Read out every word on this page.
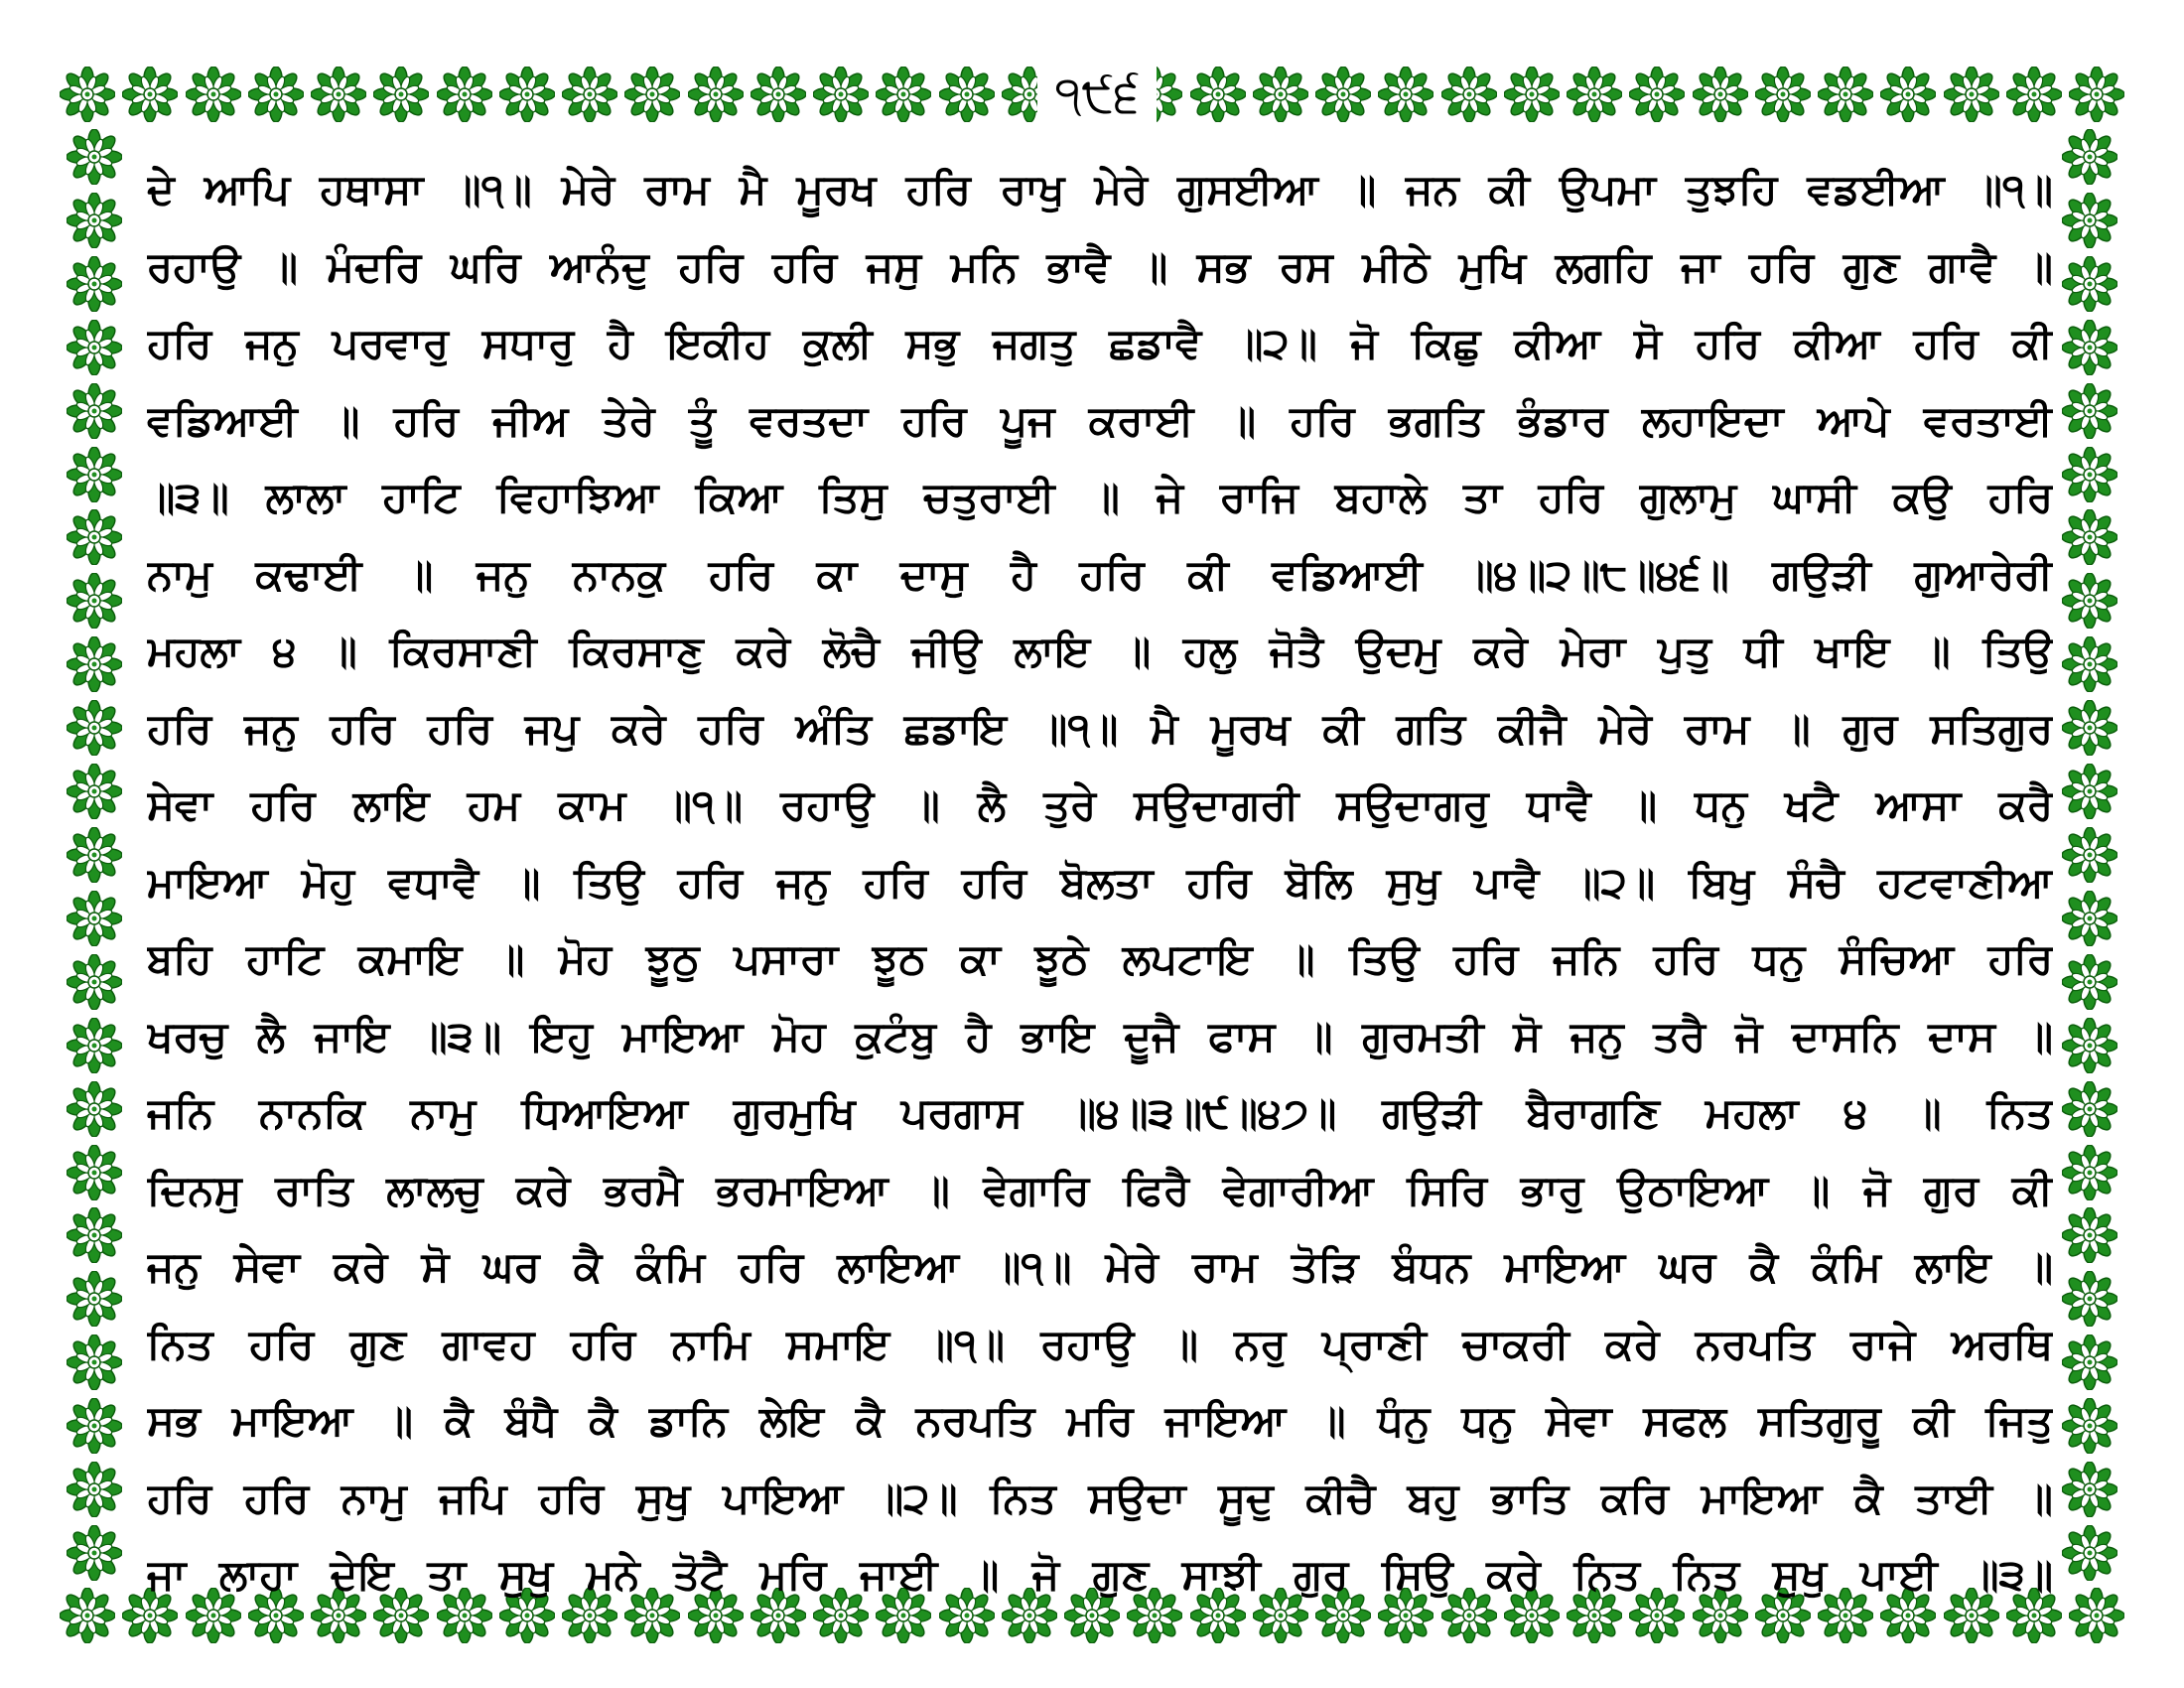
੧੯੬
ਦੇ ਆਪਿ ਹਥਾਸਾ ॥੧॥ ਮੇਰੇ ਰਾਮ ਮੈ ਮੂਰਖ ਹਰਿ ਰਾਖੁ ਮੇਰੇ ਗੁਸਈਆ ॥ ਜਨ ਕੀ ਉਪਮਾ ਤੁਝਹਿ ਵਡਈਆ ॥੧॥
ਰਹਾਉ ॥ ਮੰਦਰਿ ਘਰਿ ਆਨੰਦੁ ਹਰਿ ਹਰਿ ਜਸੁ ਮਨਿ ਭਾਵੈ ॥ ਸਭ ਰਸ ਮੀਠੇ ਮੁਖਿ ਲਗਹਿ ਜਾ ਹਰਿ ਗੁਣ ਗਾਵੈ ॥
ਹਰਿ ਜਨੁ ਪਰਵਾਰੁ ਸਧਾਰੁ ਹੈ ਇਕੀਹ ਕੁਲੀ ਸਭੁ ਜਗਤੁ ਛਡਾਵੈ ॥੨॥ ਜੋ ਕਿਛੁ ਕੀਆ ਸੋ ਹਰਿ ਕੀਆ ਹਰਿ ਕੀ
ਵਡਿਆਈ ॥ ਹਰਿ ਜੀਅ ਤੇਰੇ ਤੂੰ ਵਰਤਦਾ ਹਰਿ ਪੂਜ ਕਰਾਈ ॥ ਹਰਿ ਭਗਤਿ ਭੰਡਾਰ ਲਹਾਇਦਾ ਆਪੇ ਵਰਤਾਈ
॥੩॥ ਲਾਲਾ ਹਾਟਿ ਵਿਹਾਝਿਆ ਕਿਆ ਤਿਸੁ ਚਤੁਰਾਈ ॥ ਜੇ ਰਾਜਿ ਬਹਾਲੇ ਤਾ ਹਰਿ ਗੁਲਾਮੁ ਘਾਸੀ ਕਉ ਹਰਿ
ਨਾਮੁ ਕਢਾਈ ॥ ਜਨੁ ਨਾਨਕੁ ਹਰਿ ਕਾ ਦਾਸੁ ਹੈ ਹਰਿ ਕੀ ਵਡਿਆਈ ॥੪॥੨॥੮॥੪੬॥ ਗਉੜੀ ਗੁਆਰੇਰੀ
ਮਹਲਾ ੪ ॥ ਕਿਰਸਾਣੀ ਕਿਰਸਾਣੁ ਕਰੇ ਲੋਚੈ ਜੀਉ ਲਾਇ ॥ ਹਲੁ ਜੋਤੈ ਉਦਮੁ ਕਰੇ ਮੇਰਾ ਪੁਤੁ ਧੀ ਖਾਇ ॥ ਤਿਉ
ਹਰਿ ਜਨੁ ਹਰਿ ਹਰਿ ਜਪੁ ਕਰੇ ਹਰਿ ਅੰਤਿ ਛਡਾਇ ॥੧॥ ਮੈ ਮੂਰਖ ਕੀ ਗਤਿ ਕੀਜੈ ਮੇਰੇ ਰਾਮ ॥ ਗੁਰ ਸਤਿਗੁਰ
ਸੇਵਾ ਹਰਿ ਲਾਇ ਹਮ ਕਾਮ ॥੧॥ ਰਹਾਉ ॥ ਲੈ ਤੁਰੇ ਸਉਦਾਗਰੀ ਸਉਦਾਗਰੁ ਧਾਵੈ ॥ ਧਨੁ ਖਟੈ ਆਸਾ ਕਰੈ
ਮਾਇਆ ਮੋਹੁ ਵਧਾਵੈ ॥ ਤਿਉ ਹਰਿ ਜਨੁ ਹਰਿ ਹਰਿ ਬੋਲਤਾ ਹਰਿ ਬੋਲਿ ਸੁਖੁ ਪਾਵੈ ॥੨॥ ਬਿਖੁ ਸੰਚੈ ਹਟਵਾਣੀਆ
ਬਹਿ ਹਾਟਿ ਕਮਾਇ ॥ ਮੋਹ ਝੂਠੁ ਪਸਾਰਾ ਝੂਠ ਕਾ ਝੂਠੇ ਲਪਟਾਇ ॥ ਤਿਉ ਹਰਿ ਜਨਿ ਹਰਿ ਧਨੁ ਸੰਚਿਆ ਹਰਿ
ਖਰਚੁ ਲੈ ਜਾਇ ॥੩॥ ਇਹੁ ਮਾਇਆ ਮੋਹ ਕੁਟੰਬੁ ਹੈ ਭਾਇ ਦੂਜੈ ਫਾਸ ॥ ਗੁਰਮਤੀ ਸੋ ਜਨੁ ਤਰੈ ਜੋ ਦਾਸਨਿ ਦਾਸ ॥
ਜਨਿ ਨਾਨਕਿ ਨਾਮੁ ਧਿਆਇਆ ਗੁਰਮੁਖਿ ਪਰਗਾਸ ॥੪॥੩॥੯॥੪੭॥ ਗਉੜੀ ਬੈਰਾਗਣਿ ਮਹਲਾ ੪ ॥ ਨਿਤ
ਦਿਨਸੁ ਰਾਤਿ ਲਾਲਚੁ ਕਰੇ ਭਰਮੈ ਭਰਮਾਇਆ ॥ ਵੇਗਾਰਿ ਫਿਰੈ ਵੇਗਾਰੀਆ ਸਿਰਿ ਭਾਰੁ ਉਠਾਇਆ ॥ ਜੋ ਗੁਰ ਕੀ
ਜਨੁ ਸੇਵਾ ਕਰੇ ਸੋ ਘਰ ਕੈ ਕੰਮਿ ਹਰਿ ਲਾਇਆ ॥੧॥ ਮੇਰੇ ਰਾਮ ਤੋੜਿ ਬੰਧਨ ਮਾਇਆ ਘਰ ਕੈ ਕੰਮਿ ਲਾਇ ॥
ਨਿਤ ਹਰਿ ਗੁਣ ਗਾਵਹ ਹਰਿ ਨਾਮਿ ਸਮਾਇ ॥੧॥ ਰਹਾਉ ॥ ਨਰੁ ਪ੍ਰਾਣੀ ਚਾਕਰੀ ਕਰੇ ਨਰਪਤਿ ਰਾਜੇ ਅਰਥਿ
ਸਭ ਮਾਇਆ ॥ ਕੈ ਬੰਧੈ ਕੈ ਡਾਨਿ ਲੇਇ ਕੈ ਨਰਪਤਿ ਮਰਿ ਜਾਇਆ ॥ ਧੰਨੁ ਧਨੁ ਸੇਵਾ ਸਫਲ ਸਤਿਗੁਰੂ ਕੀ ਜਿਤੁ
ਹਰਿ ਹਰਿ ਨਾਮੁ ਜਪਿ ਹਰਿ ਸੁਖੁ ਪਾਇਆ ॥੨॥ ਨਿਤ ਸਉਦਾ ਸੂਦੁ ਕੀਚੈ ਬਹੁ ਭਾਤਿ ਕਰਿ ਮਾਇਆ ਕੈ ਤਾਈ ॥
ਜਾ ਲਾਹਾ ਦੇਇ ਤਾ ਸੁਖੁ ਮਨੇ ਤੋਟੈ ਮਰਿ ਜਾਈ ॥ ਜੋ ਗੁਣ ਸਾਝੀ ਗੁਰ ਸਿਉ ਕਰੇ ਨਿਤ ਨਿਤ ਸੁਖੁ ਪਾਈ ॥੩॥
